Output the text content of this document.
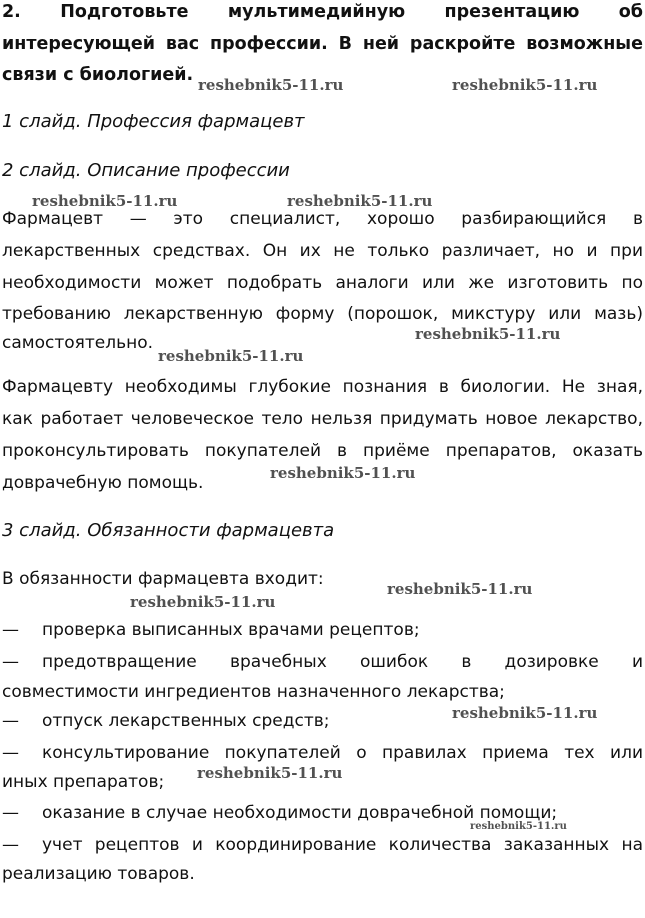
2. Подготовьте мультимедийную презентацию об
интересующей вас профессии. В ней раскройте возможные
связи с биологией.
1 слайд. Профессия фармацевт
2 слайд. Описание профессии
Фармацевт — это специалист, хорошо разбирающийся в
лекарственных средствах. Он их не только различает, но и при
необходимости может подобрать аналоги или же изготовить по
требованию лекарственную форму (порошок, микстуру или мазь)
самостоятельно.
Фармацевту необходимы глубокие познания в биологии. Не зная,
как работает человеческое тело нельзя придумать новое лекарство,
проконсультировать покупателей в приёме препаратов, оказать
доврачебную помощь.
3 слайд. Обязанности фармацевта
В обязанности фармацевта входит:
— проверка выписанных врачами рецептов;
—	предотвращение врачебных ошибок в дозировке и
совместимости ингредиентов назначенного лекарства;
— отпуск лекарственных средств;
—	консультирование покупателей о правилах приема тех или
иных препаратов;
— оказание в случае необходимости доврачебной помощи;
—	учет рецептов и координирование количества заказанных на
реализацию товаров.
reshebnik5-11.ru	reshebnik5-11.ru
reshebnik5-11.ru	reshebnik5-11.ru
reshebnik5-11.ru
reshebnik5-11.ru
reshebnik5-11.ru
reshebnik5-11.ru
reshebnik5-11.ru
reshebnik5-11.ru
reshebnik5-11.ru
reshebnik5-11.ru
